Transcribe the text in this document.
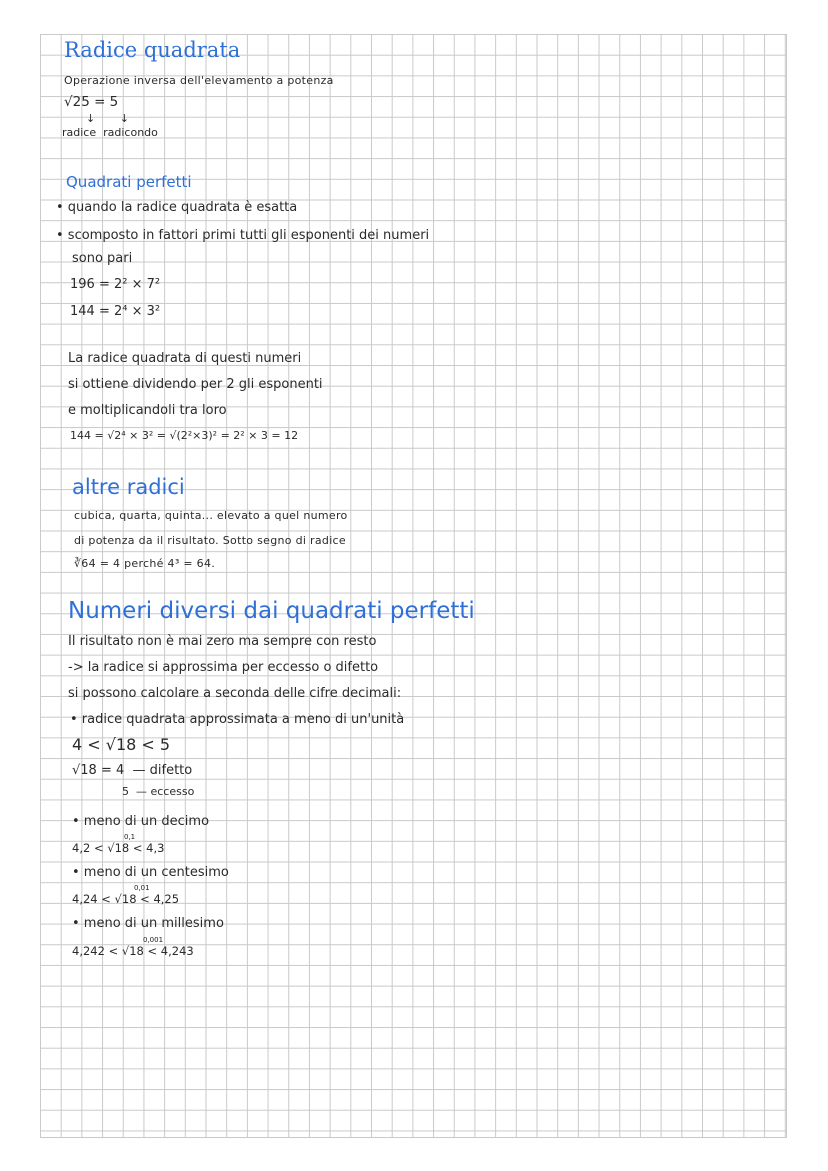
Radice quadrata
Operazione inversa dell'elevamento a potenza
√25 = 5
↓       ↓
radice  radicondo
Quadrati perfetti
• quando la radice quadrata è esatta
• scomposto in fattori primi tutti gli esponenti dei numeri
sono pari
196 = 2² × 7²
144 = 2⁴ × 3²
La radice quadrata di questi numeri
si ottiene dividendo per 2 gli esponenti
e moltiplicandoli tra loro
144 = √2⁴ × 3² = √(2²×3)² = 2² × 3 = 12
altre radici
cubica, quarta, quinta... elevato a quel numero
di potenza da il risultato. Sotto segno di radice
∛64 = 4 perché 4³ = 64.
Numeri diversi dai quadrati perfetti
Il risultato non è mai zero ma sempre con resto
-> la radice si approssima per eccesso o difetto
si possono calcolare a seconda delle cifre decimali:
• radice quadrata approssimata a meno di un'unità
4 < √18 < 5
√18 = 4  — difetto
5  — eccesso
• meno di un decimo
0,1
4,2 < √18 < 4,3
• meno di un centesimo
0,01
4,24 < √18 < 4,25
• meno di un millesimo
0,001
4,242 < √18 < 4,243
